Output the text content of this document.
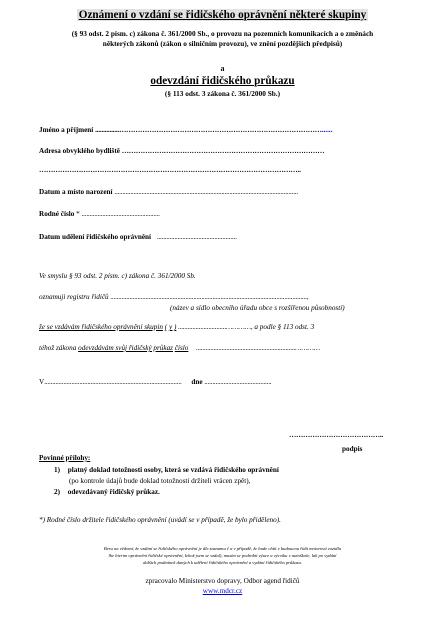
Oznámení o vzdání se řidičského oprávnění některé skupiny
(§ 93 odst. 2 písm. c) zákona č. 361/2000 Sb., o provozu na pozemních komunikacích a o změnách
některých zákonů (zákon o silničním provozu), ve znění pozdějších předpisů)
a
odevzdání řidičského průkazu
(§ 113 odst. 3 zákona č. 361/2000 Sb.)
Jméno a příjmení ...............……………………………………………………………………………......
Adresa obvyklého bydliště ……………………………………………………………………………
…………………………………………………………………………………………………..
Datum a místo narození ...................................................................................................................
Rodné číslo * .................................................
Datum udělení řidičského oprávnění ..................................................
Ve smyslu § 93 odst. 2 písm. c) zákona č. 361/2000 Sb.
oznamuji registru řidičů ...........................................................................................................................,
(název a sídlo obecního úřadu obce s rozšířenou působností)
že se vzdávám řidičského oprávnění skupin ( y ) ..............................…………, a podle § 113 odst. 3
téhož zákona odevzdávám svůj řidičský průkaz číslo ..............................................................…………
V...................................................................................... dne ..........................................
…………………………………..
podpis
Povinné přílohy:
1) platný doklad totožnosti osoby, která se vzdává řidičského oprávnění
(po kontrole údajů bude doklad totožnosti držiteli vrácen zpět),
2) odevzdávaný řidičský průkaz.
*) Rodné číslo držitele řidičského oprávnění (uvádí se v případě, že bylo přiděleno).
Beru na vědomí, že vzdání se řidičského oprávnění je dle zaznamu č a v případě, že bude chtít v budoucnu řídit motorová vozidla
lhe hierim oprávnění řidičské oprávnění, lehož jsem se vzdal), musím se podrobit výuce a výcviku v autoškole, lak po vydání
dalšich podmínek daných k udělení řidičského oprávnění a vydání řidičského průkazu.
zpracovalo Ministerstvo dopravy, Odbor agend řidičů
www.mdcr.cz
